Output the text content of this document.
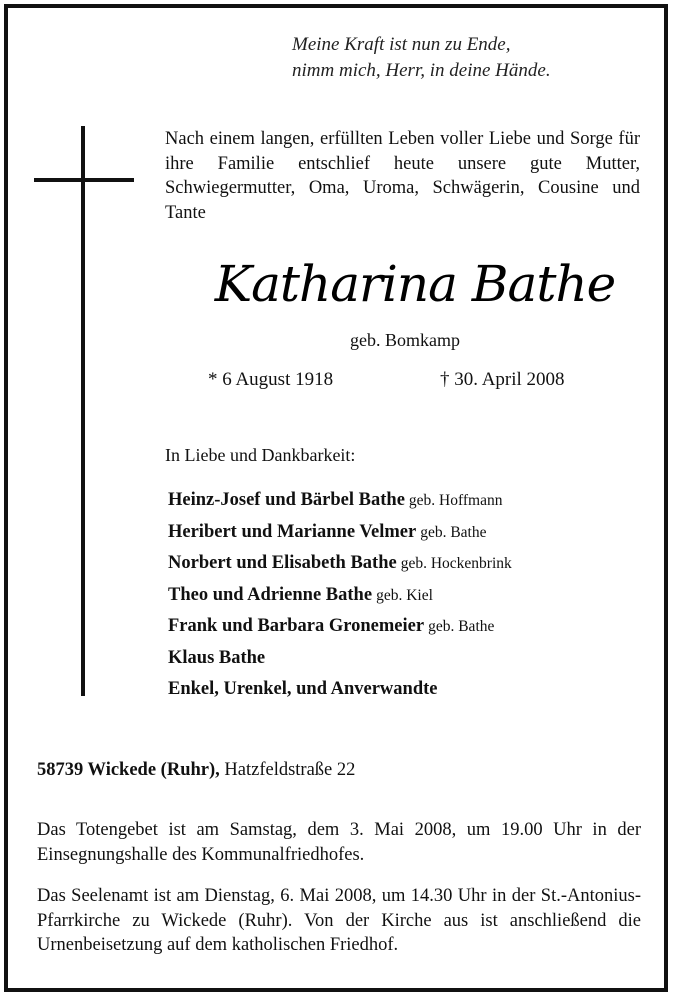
Meine Kraft ist nun zu Ende,
nimm mich, Herr, in deine Hände.
Nach einem langen, erfüllten Leben voller Liebe und Sorge für ihre Familie entschlief heute unsere gute Mutter, Schwiegermutter, Oma, Uroma, Schwägerin, Cousine und Tante
Katharina Bathe
geb. Bomkamp
* 6 August 1918	† 30. April 2008
In Liebe und Dankbarkeit:
Heinz-Josef und Bärbel Bathe geb. Hoffmann
Heribert und Marianne Velmer geb. Bathe
Norbert und Elisabeth Bathe geb. Hockenbrink
Theo und Adrienne Bathe geb. Kiel
Frank und Barbara Gronemeier geb. Bathe
Klaus Bathe
Enkel, Urenkel, und Anverwandte
58739 Wickede (Ruhr), Hatzfeldstraße 22
Das Totengebet ist am Samstag, dem 3. Mai 2008, um 19.00 Uhr in der Einsegnungshalle des Kommunalfriedhofes.
Das Seelenamt ist am Dienstag, 6. Mai 2008, um 14.30 Uhr in der St.-Antonius-Pfarrkirche zu Wickede (Ruhr). Von der Kirche aus ist anschließend die Urnenbeisetzung auf dem katholischen Friedhof.
